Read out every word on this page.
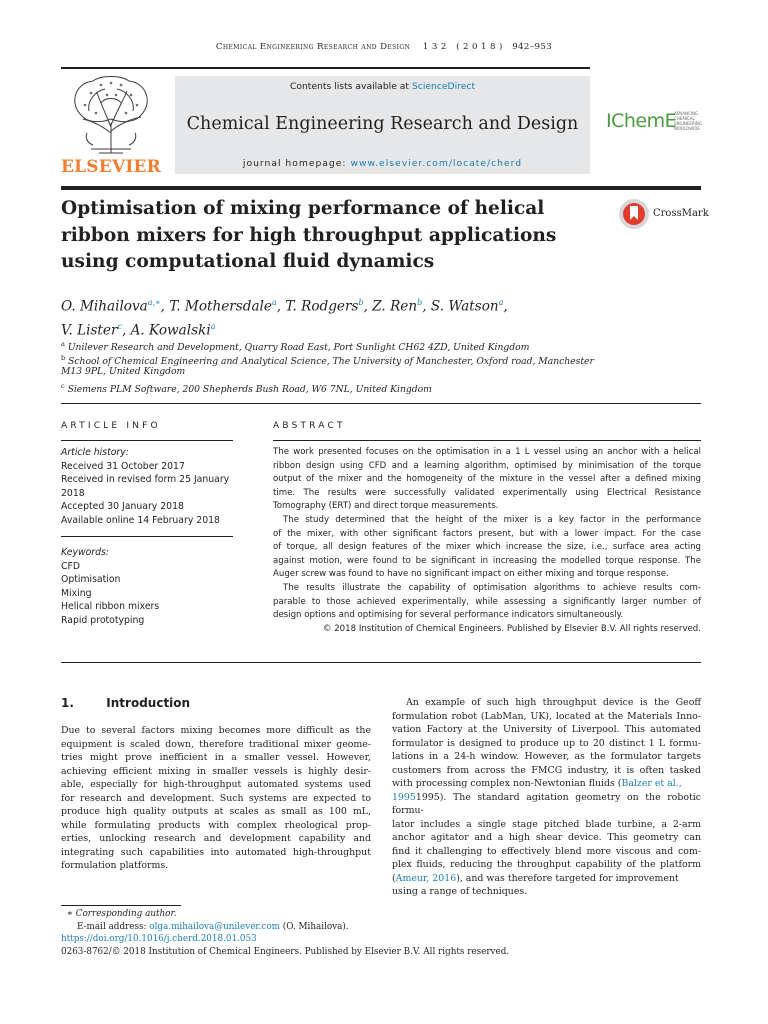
Chemical Engineering Research and Design 1 3 2 ( 2 0 1 8 ) 942–953
ELSEVIER
Contents lists available at ScienceDirect
Chemical Engineering Research and Design
journal homepage: www.elsevier.com/locate/cherd
IChemE
ADVANCING
CHEMICAL
ENGINEERING
WORLDWIDE
Optimisation of mixing performance of helical
ribbon mixers for high throughput applications
using computational fluid dynamics
CrossMark
O. Mihailova$^{a,∗}$, T. Mothersdale$^a$, T. Rodgers$^b$, Z. Ren$^b$, S. Watson$^a$,
V. Lister$^c$, A. Kowalski$^a$
$^a$ Unilever Research and Development, Quarry Road East, Port Sunlight CH62 4ZD, United Kingdom
$^b$ School of Chemical Engineering and Analytical Science, The University of Manchester, Oxford road, Manchester
M13 9PL, United Kingdom
$^c$ Siemens PLM Software, 200 Shepherds Bush Road, W6 7NL, United Kingdom
ARTICLE INFO
Article history:
Received 31 October 2017
Received in revised form 25 January
2018
Accepted 30 January 2018
Available online 14 February 2018
Keywords:
CFD
Optimisation
Mixing
Helical ribbon mixers
Rapid prototyping
ABSTRACT
The work presented focuses on the optimisation in a 1 L vessel using an anchor with a helical
ribbon design using CFD and a learning algorithm, optimised by minimisation of the torque
output of the mixer and the homogeneity of the mixture in the vessel after a defined mixing
time. The results were successfully validated experimentally using Electrical Resistance
Tomography (ERT) and direct torque measurements.
The study determined that the height of the mixer is a key factor in the performance
of the mixer, with other significant factors present, but with a lower impact. For the case
of torque, all design features of the mixer which increase the size, i.e., surface area acting
against motion, were found to be significant in increasing the modelled torque response. The
Auger screw was found to have no significant impact on either mixing and torque response.
The results illustrate the capability of optimisation algorithms to achieve results com-
parable to those achieved experimentally, while assessing a significantly larger number of
design options and optimising for several performance indicators simultaneously.
© 2018 Institution of Chemical Engineers. Published by Elsevier B.V. All rights reserved.
1.	Introduction
Due to several factors mixing becomes more difficult as the
equipment is scaled down, therefore traditional mixer geome-
tries might prove inefficient in a smaller vessel. However,
achieving efficient mixing in smaller vessels is highly desir-
able, especially for high-throughput automated systems used
for research and development. Such systems are expected to
produce high quality outputs at scales as small as 100 mL,
while formulating products with complex rheological prop-
erties, unlocking research and development capability and
integrating such capabilities into automated high-throughput
formulation platforms.
An example of such high throughput device is the Geoff
formulation robot (LabMan, UK), located at the Materials Inno-
vation Factory at the University of Liverpool. This automated
formulator is designed to produce up to 20 distinct 1 L formu-
lations in a 24-h window. However, as the formulator targets
customers from across the FMCG industry, it is often tasked
with processing complex non-Newtonian fluids (Balzer et al.,
19951995). The standard agitation geometry on the robotic formu-
lator includes a single stage pitched blade turbine, a 2-arm
anchor agitator and a high shear device. This geometry can
find it challenging to effectively blend more viscous and com-
plex fluids, reducing the throughput capability of the platform
(Ameur, 2016), and was therefore targeted for improvement
using a range of techniques.
∗ Corresponding author.
E-mail address: olga.mihailova@unilever.com (O. Mihailova).
https://doi.org/10.1016/j.cherd.2018.01.053
0263-8762/© 2018 Institution of Chemical Engineers. Published by Elsevier B.V. All rights reserved.
